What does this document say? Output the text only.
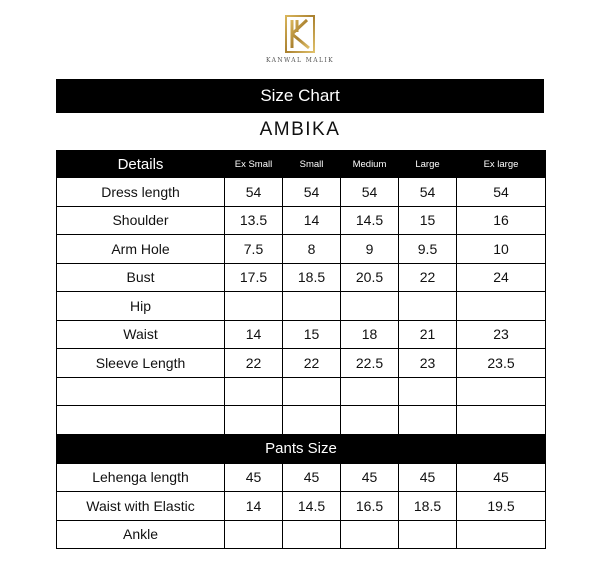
KANWAL MALIK
Size Chart
AMBIKA
Details	Ex Small	Small	Medium	Large	Ex large
Dress length	54	54	54	54	54
Shoulder	13.5	14	14.5	15	16
Arm Hole	7.5	8	9	9.5	10
Bust	17.5	18.5	20.5	22	24
Hip					
Waist	14	15	18	21	23
Sleeve Length	22	22	22.5	23	23.5

Pants Size					
Lehenga length	45	45	45	45	45
Waist with Elastic	14	14.5	16.5	18.5	19.5
Ankle					
